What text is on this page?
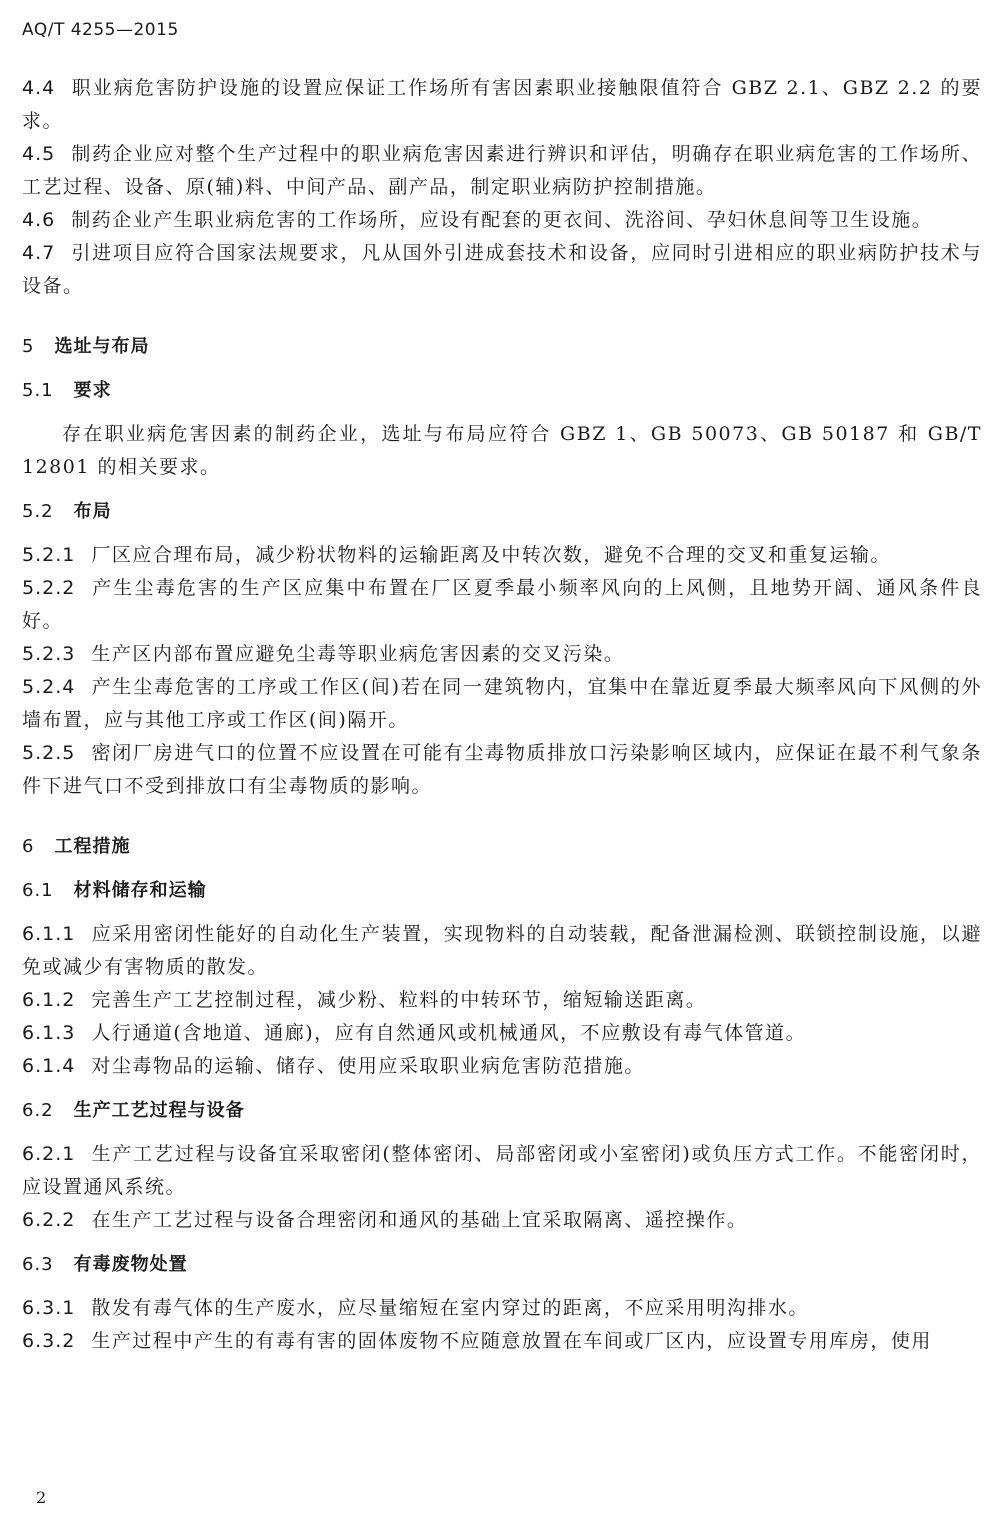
AQ/T 4255—2015

4.4 职业病危害防护设施的设置应保证工作场所有害因素职业接触限值符合 GBZ 2.1、GBZ 2.2 的要求。

4.5 制药企业应对整个生产过程中的职业病危害因素进行辨识和评估，明确存在职业病危害的工作场所、工艺过程、设备、原(辅)料、中间产品、副产品，制定职业病防护控制措施。

4.6 制药企业产生职业病危害的工作场所，应设有配套的更衣间、洗浴间、孕妇休息间等卫生设施。

4.7 引进项目应符合国家法规要求，凡从国外引进成套技术和设备，应同时引进相应的职业病防护技术与设备。

5 选址与布局

5.1 要求

存在职业病危害因素的制药企业，选址与布局应符合 GBZ 1、GB 50073、GB 50187 和 GB/T 12801 的相关要求。

5.2 布局

5.2.1 厂区应合理布局，减少粉状物料的运输距离及中转次数，避免不合理的交叉和重复运输。

5.2.2 产生尘毒危害的生产区应集中布置在厂区夏季最小频率风向的上风侧，且地势开阔、通风条件良好。

5.2.3 生产区内部布置应避免尘毒等职业病危害因素的交叉污染。

5.2.4 产生尘毒危害的工序或工作区(间)若在同一建筑物内，宜集中在靠近夏季最大频率风向下风侧的外墙布置，应与其他工序或工作区(间)隔开。

5.2.5 密闭厂房进气口的位置不应设置在可能有尘毒物质排放口污染影响区域内，应保证在最不利气象条件下进气口不受到排放口有尘毒物质的影响。

6 工程措施

6.1 材料储存和运输

6.1.1 应采用密闭性能好的自动化生产装置，实现物料的自动装载，配备泄漏检测、联锁控制设施，以避免或减少有害物质的散发。

6.1.2 完善生产工艺控制过程，减少粉、粒料的中转环节，缩短输送距离。

6.1.3 人行通道(含地道、通廊)，应有自然通风或机械通风，不应敷设有毒气体管道。

6.1.4 对尘毒物品的运输、储存、使用应采取职业病危害防范措施。

6.2 生产工艺过程与设备

6.2.1 生产工艺过程与设备宜采取密闭(整体密闭、局部密闭或小室密闭)或负压方式工作。不能密闭时，应设置通风系统。

6.2.2 在生产工艺过程与设备合理密闭和通风的基础上宜采取隔离、遥控操作。

6.3 有毒废物处置

6.3.1 散发有毒气体的生产废水，应尽量缩短在室内穿过的距离，不应采用明沟排水。

6.3.2 生产过程中产生的有毒有害的固体废物不应随意放置在车间或厂区内，应设置专用库房，使用

2
